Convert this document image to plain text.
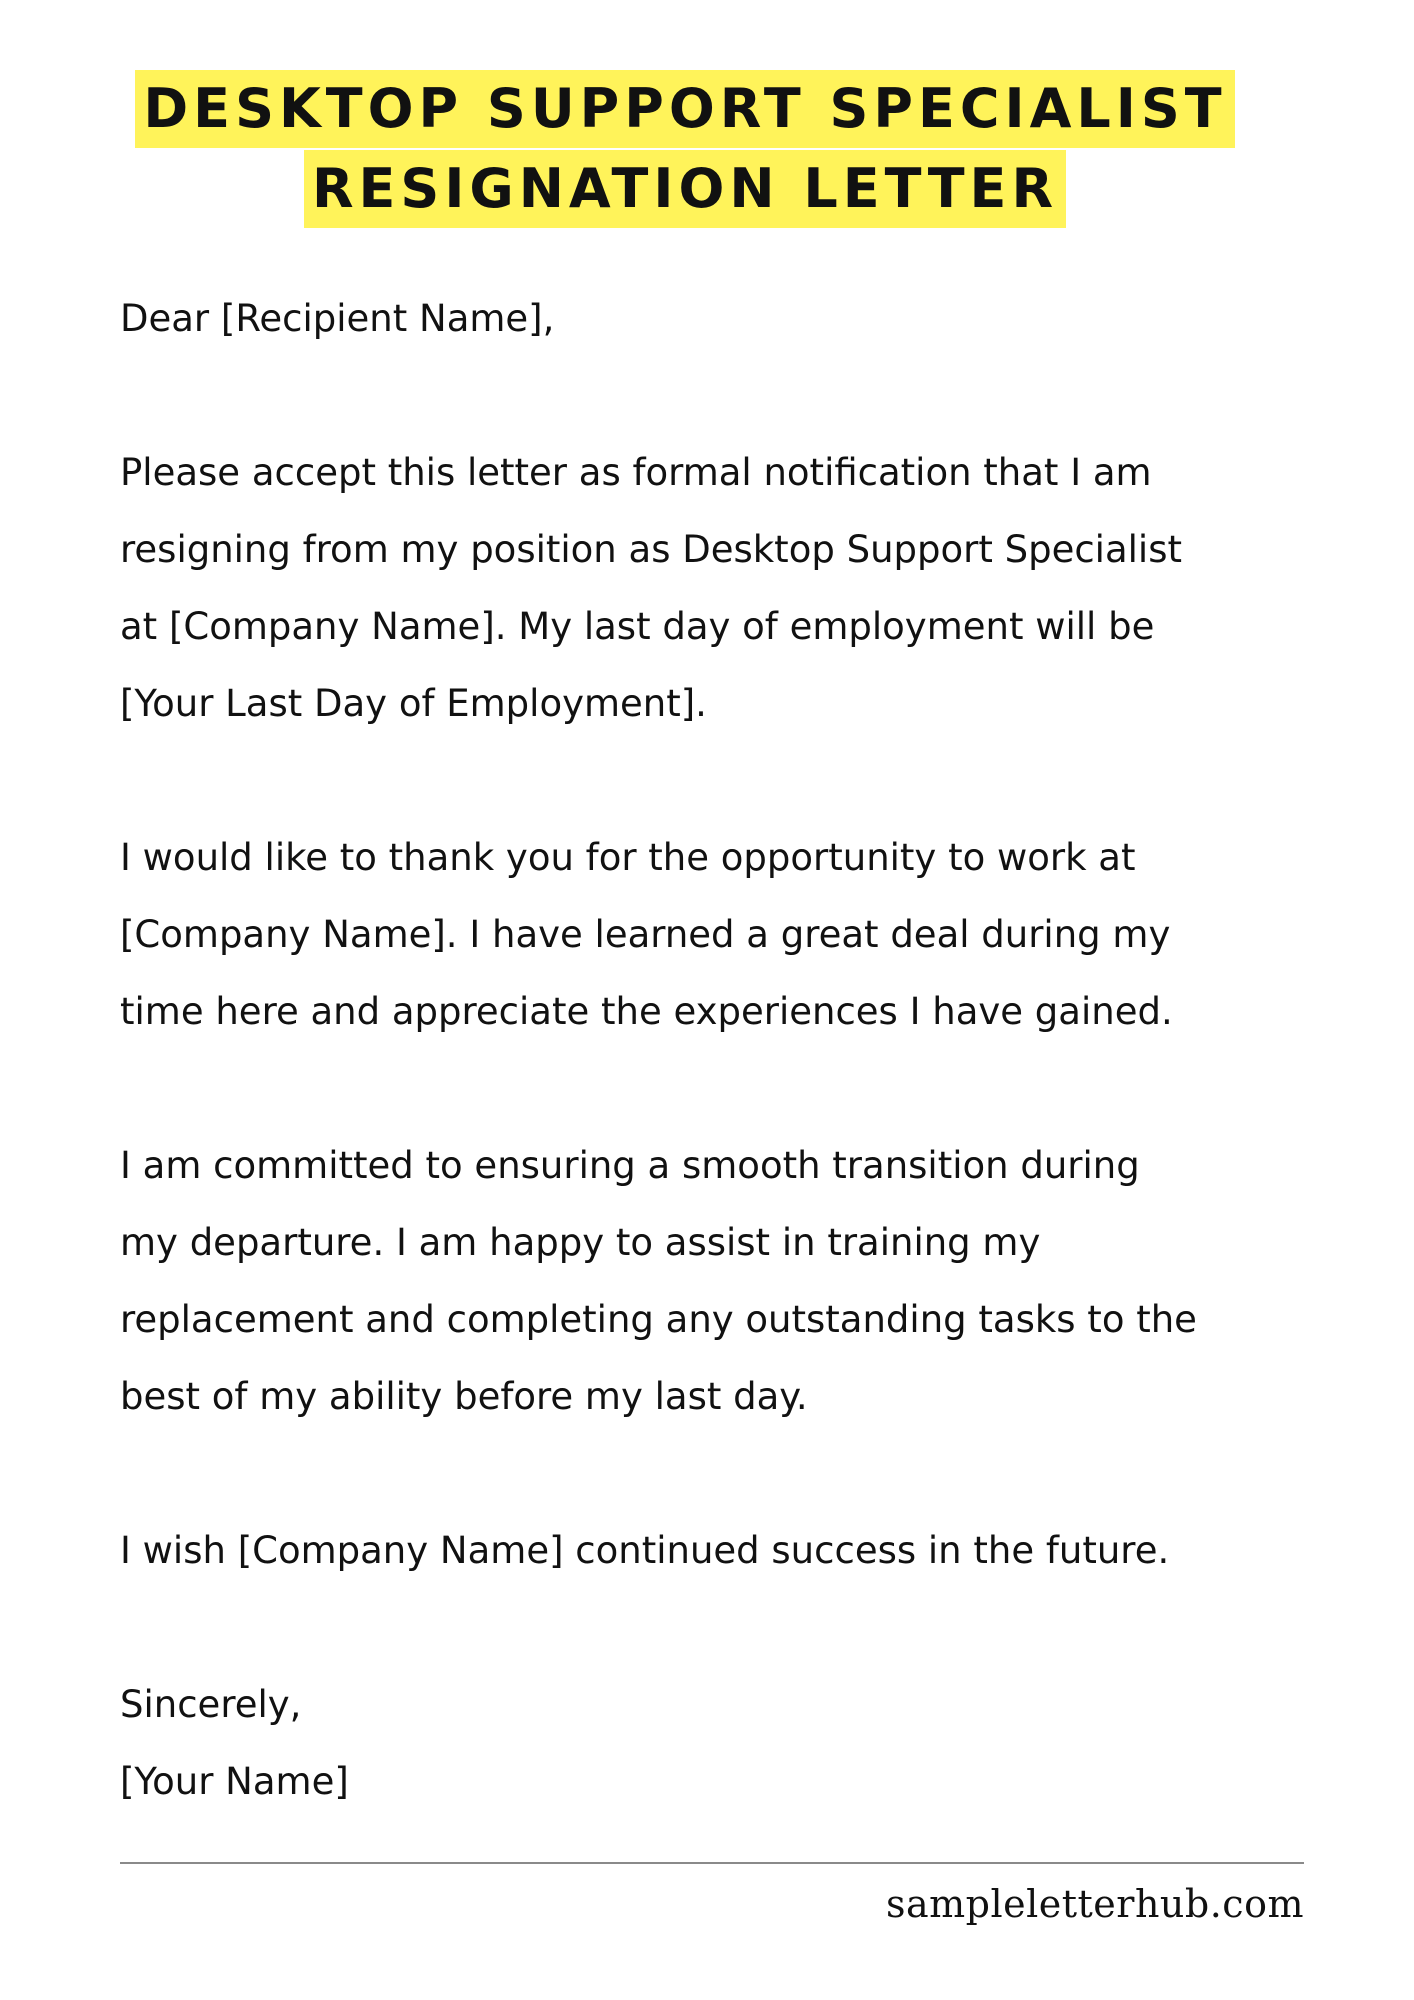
DESKTOP SUPPORT SPECIALIST
RESIGNATION LETTER

Dear [Recipient Name],

Please accept this letter as formal notification that I am
resigning from my position as Desktop Support Specialist
at [Company Name]. My last day of employment will be
[Your Last Day of Employment].

I would like to thank you for the opportunity to work at
[Company Name]. I have learned a great deal during my
time here and appreciate the experiences I have gained.

I am committed to ensuring a smooth transition during
my departure. I am happy to assist in training my
replacement and completing any outstanding tasks to the
best of my ability before my last day.

I wish [Company Name] continued success in the future.

Sincerely,
[Your Name]

sampleletterhub.com
